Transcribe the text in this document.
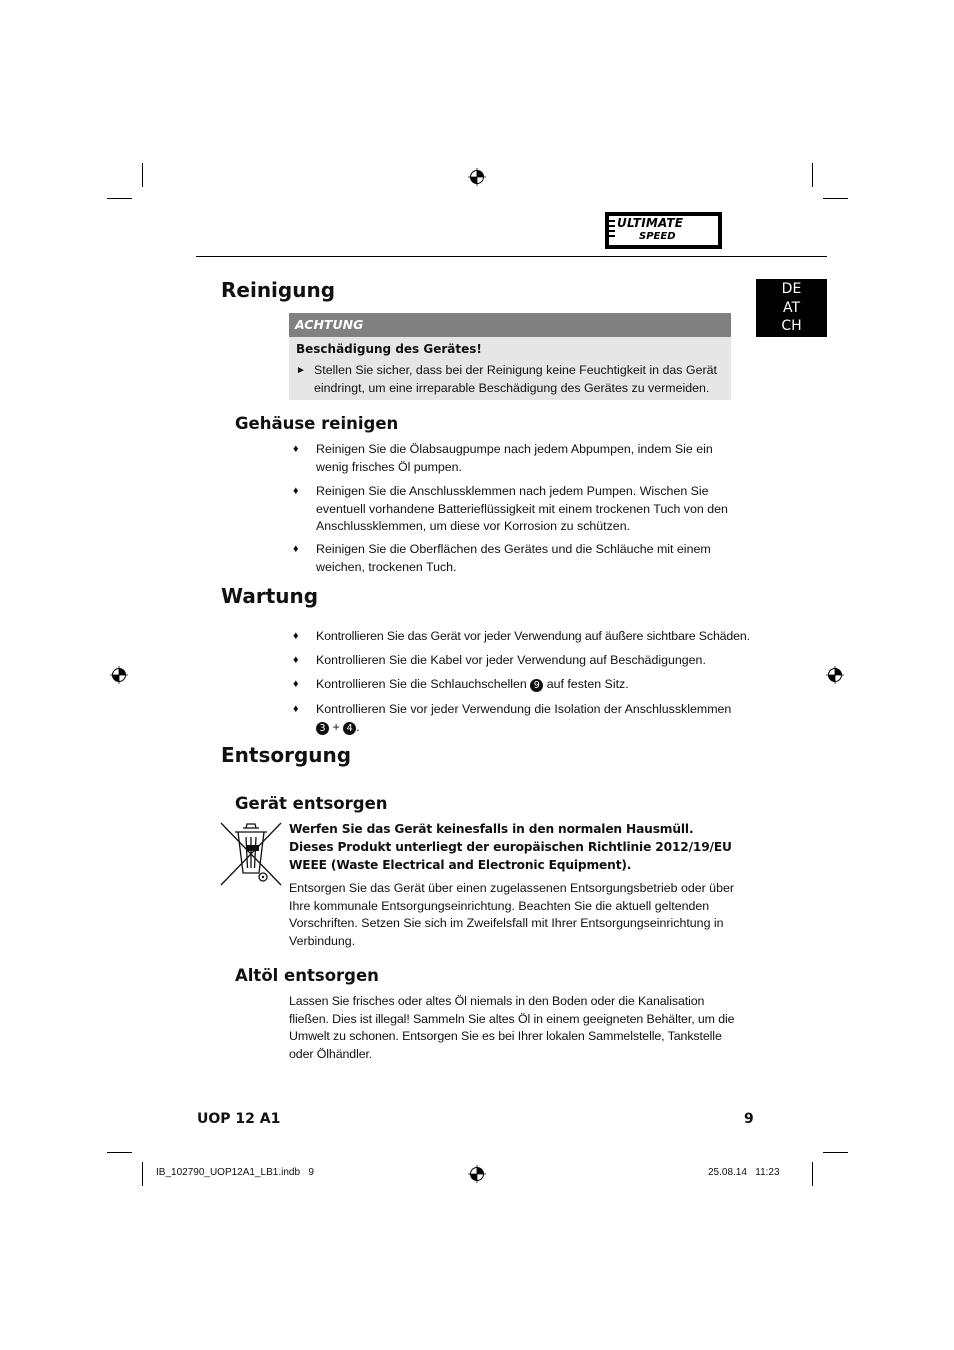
ULTIMATE
SPEED
DE
AT
CH
Reinigung
ACHTUNG
Beschädigung des Gerätes!
► Stellen Sie sicher, dass bei der Reinigung keine Feuchtigkeit in das Gerät eindringt, um eine irreparable Beschädigung des Gerätes zu vermeiden.
Gehäuse reinigen
♦ Reinigen Sie die Ölabsaugpumpe nach jedem Abpumpen, indem Sie ein wenig frisches Öl pumpen.
♦ Reinigen Sie die Anschlussklemmen nach jedem Pumpen. Wischen Sie eventuell vorhandene Batterieflüssigkeit mit einem trockenen Tuch von den Anschlussklemmen, um diese vor Korrosion zu schützen.
♦ Reinigen Sie die Oberflächen des Gerätes und die Schläuche mit einem weichen, trockenen Tuch.
Wartung
♦ Kontrollieren Sie das Gerät vor jeder Verwendung auf äußere sichtbare Schäden.
♦ Kontrollieren Sie die Kabel vor jeder Verwendung auf Beschädigungen.
♦ Kontrollieren Sie die Schlauchschellen 9 auf festen Sitz.
♦ Kontrollieren Sie vor jeder Verwendung die Isolation der Anschlussklemmen
3 + 4 .
Entsorgung
Gerät entsorgen
Werfen Sie das Gerät keinesfalls in den normalen Hausmüll. Dieses Produkt unterliegt der europäischen Richtlinie 2012/19/EU WEEE (Waste Electrical and Electronic Equipment).
Entsorgen Sie das Gerät über einen zugelassenen Entsorgungsbetrieb oder über Ihre kommunale Entsorgungseinrichtung. Beachten Sie die aktuell geltenden Vorschriften. Setzen Sie sich im Zweifelsfall mit Ihrer Entsorgungseinrichtung in Verbindung.
Altöl entsorgen
Lassen Sie frisches oder altes Öl niemals in den Boden oder die Kanalisation fließen. Dies ist illegal! Sammeln Sie altes Öl in einem geeigneten Behälter, um die Umwelt zu schonen. Entsorgen Sie es bei Ihrer lokalen Sammelstelle, Tankstelle oder Ölhändler.
UOP 12 A1	9
IB_102790_UOP12A1_LB1.indb   9	25.08.14   11:23
